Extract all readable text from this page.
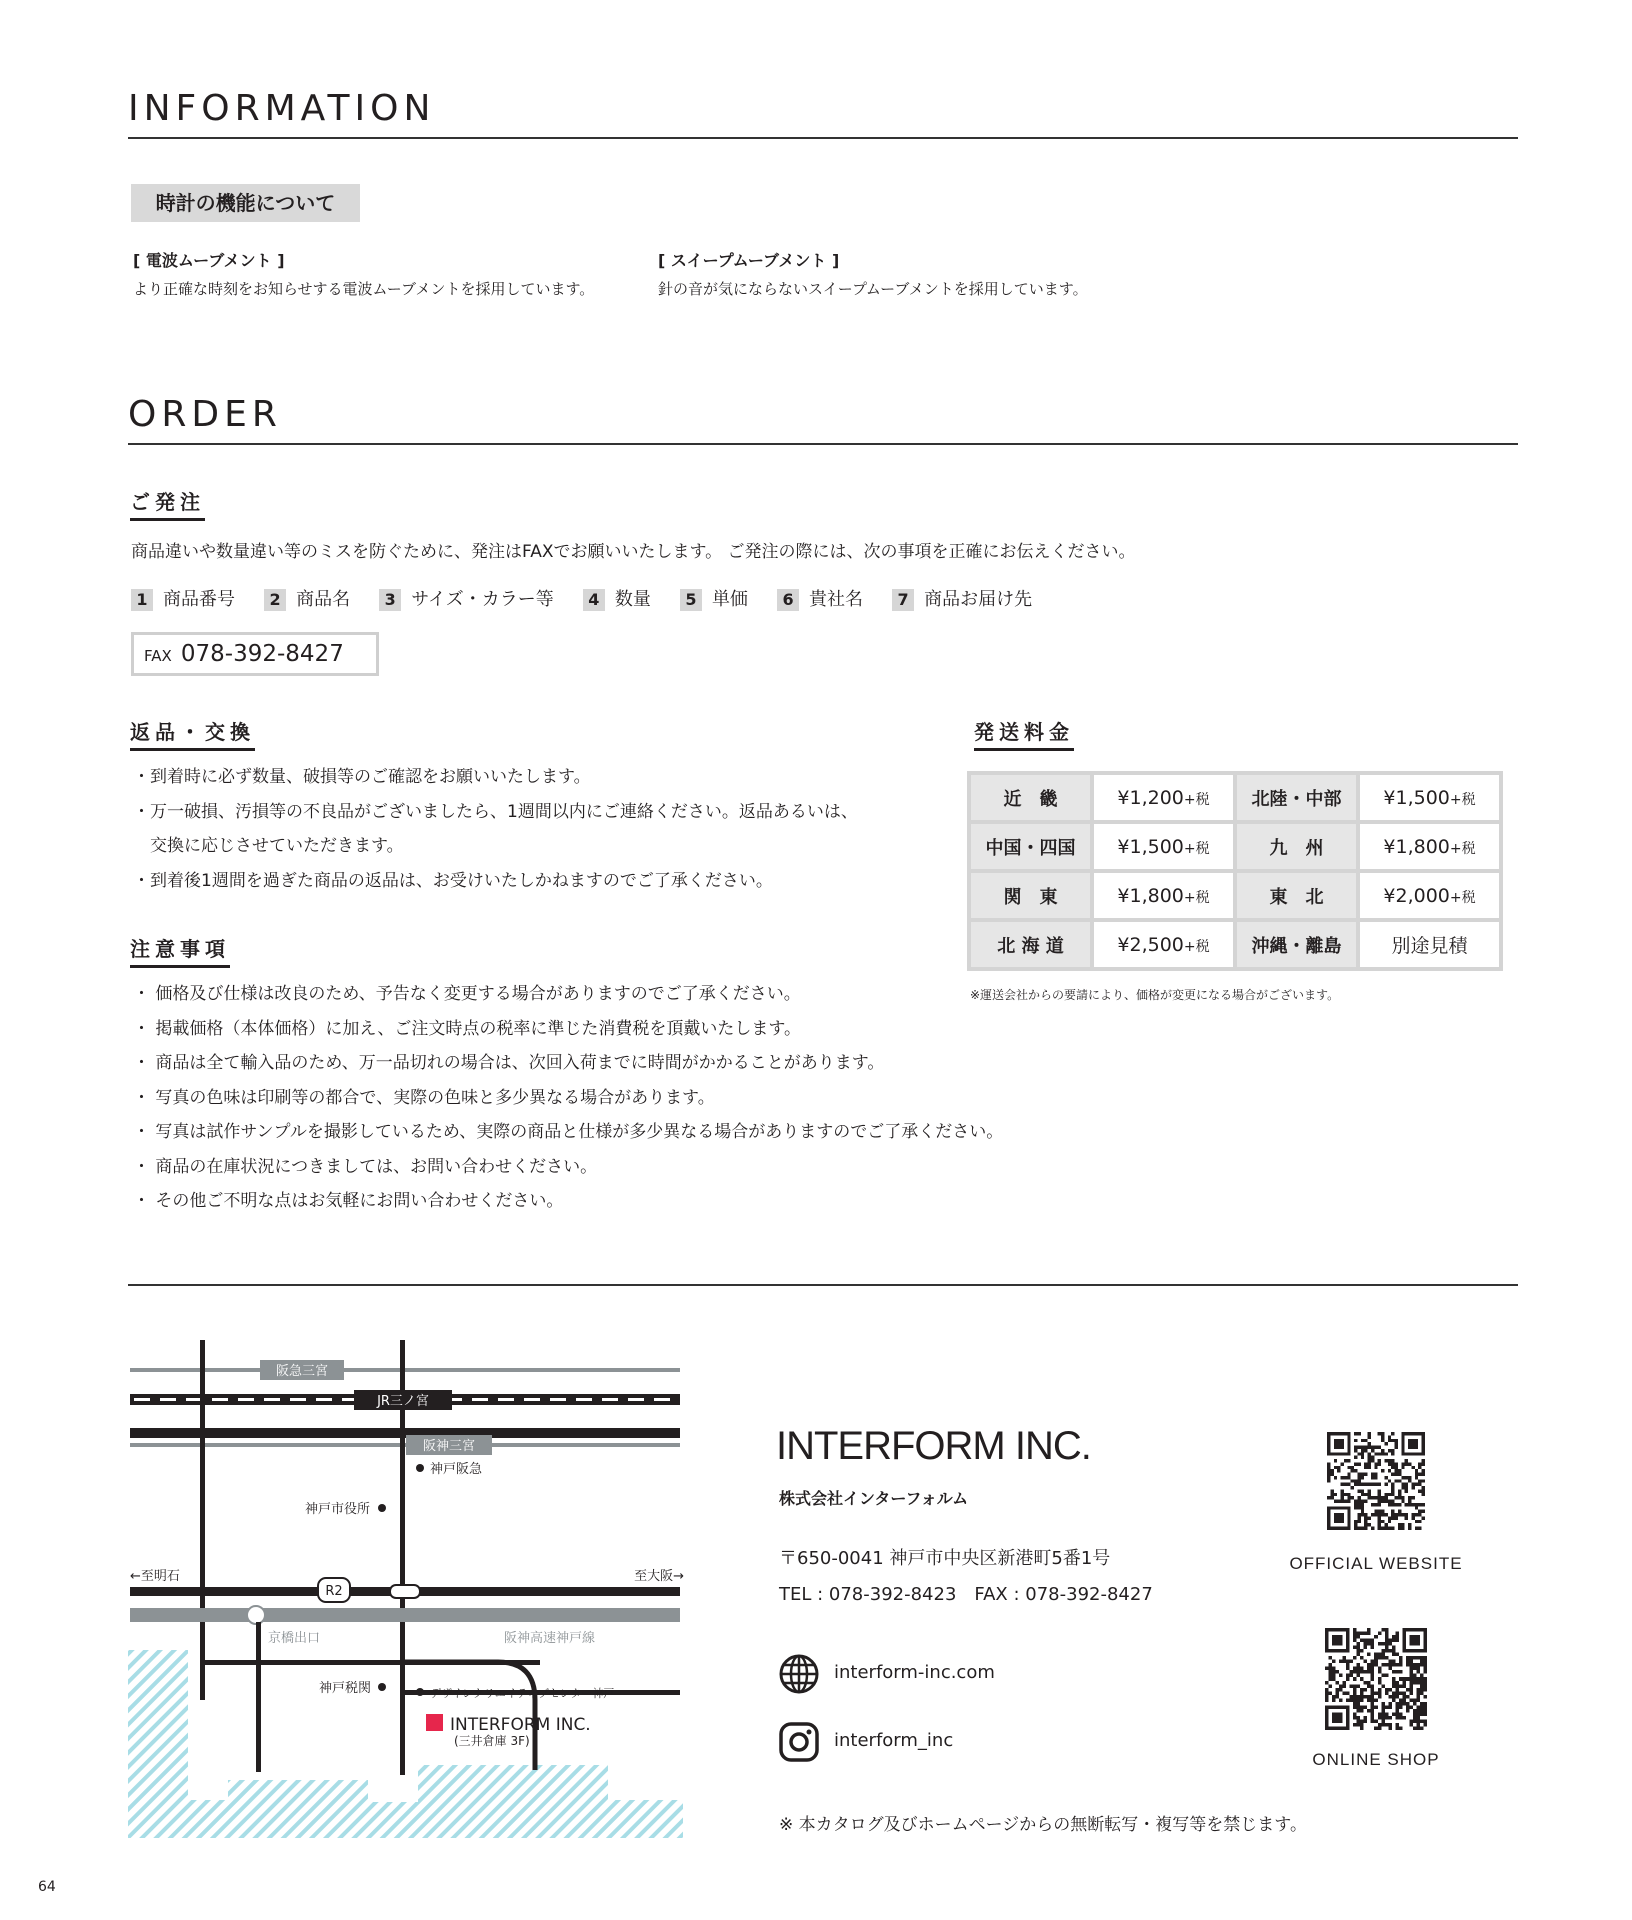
INFORMATION
時計の機能について
[ 電波ムーブメント ]
より正確な時刻をお知らせする電波ムーブメントを採用しています。
[ スイープムーブメント ]
針の音が気にならないスイープムーブメントを採用しています。
ORDER
ご発注
商品違いや数量違い等のミスを防ぐために、発注はFAXでお願いいたします。 ご発注の際には、次の事項を正確にお伝えください。
1 商品番号 2 商品名 3 サイズ・カラー等 4 数量 5 単価 6 貴社名 7 商品お届け先
FAX 078-392-8427
返品・交換
・到着時に必ず数量、破損等のご確認をお願いいたします。
・万一破損、汚損等の不良品がございましたら、1週間以内にご連絡ください。返品あるいは、
　交換に応じさせていただきます。
・到着後1週間を過ぎた商品の返品は、お受けいたしかねますのでご了承ください。
注意事項
・ 価格及び仕様は改良のため、予告なく変更する場合がありますのでご了承ください。
・ 掲載価格（本体価格）に加え、ご注文時点の税率に準じた消費税を頂戴いたします。
・ 商品は全て輸入品のため、万一品切れの場合は、次回入荷までに時間がかかることがあります。
・ 写真の色味は印刷等の都合で、実際の色味と多少異なる場合があります。
・ 写真は試作サンプルを撮影しているため、実際の商品と仕様が多少異なる場合がありますのでご了承ください。
・ 商品の在庫状況につきましては、お問い合わせください。
・ その他ご不明な点はお気軽にお問い合わせください。
発送料金
近　畿	¥1,200+税	北陸・中部	¥1,500+税
中国・四国	¥1,500+税	九　州	¥1,800+税
関　東	¥1,800+税	東　北	¥2,000+税
北 海 道	¥2,500+税	沖縄・離島	別途見積
※運送会社からの要請により、価格が変更になる場合がございます。
阪急三宮
JR三ノ宮
阪神三宮
神戸阪急
神戸市役所
←至明石	至大阪→
R2
京橋出口	阪神高速神戸線
神戸税関	デザインクリエイティブセンター神戸
INTERFORM INC.
(三井倉庫 3F)
INTERFORM INC.
株式会社インターフォルム
〒650-0041 神戸市中央区新港町5番1号
TEL : 078-392-8423　FAX : 078-392-8427
interform-inc.com
interform_inc
OFFICIAL WEBSITE
ONLINE SHOP
※ 本カタログ及びホームページからの無断転写・複写等を禁じます。
64
